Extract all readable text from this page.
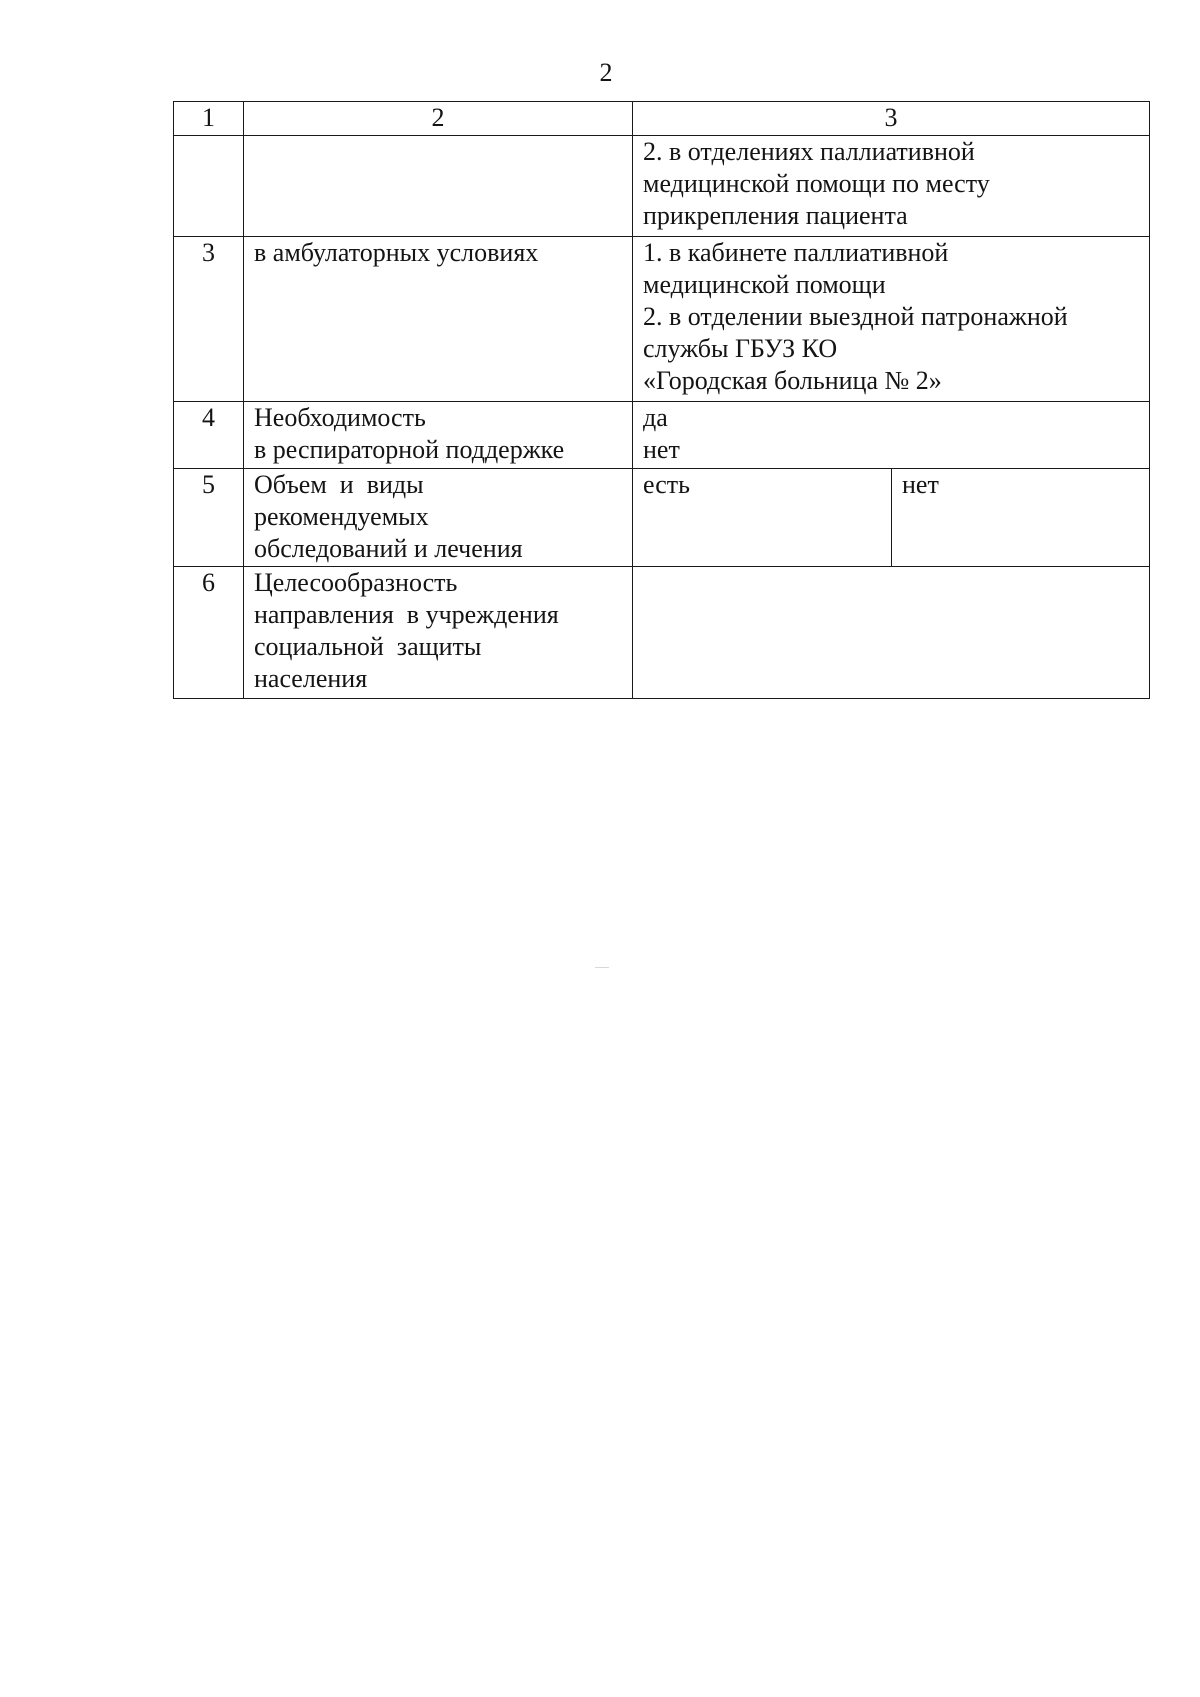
2
1	2	3	

		2. в отделениях паллиативной
медицинской помощи по месту
прикрепления пациента	

3	в амбулаторных условиях	1. в кабинете паллиативной
медицинской помощи
2. в отделении выездной патронажной
службы ГБУЗ КО
«Городская больница № 2»	

4	Необходимость
в респираторной поддержке	да
нет	

5	Объем  и  виды
рекомендуемых
обследований и лечения	есть	нет
6	Целесообразность
направления  в учреждения
социальной  защиты
населения		
